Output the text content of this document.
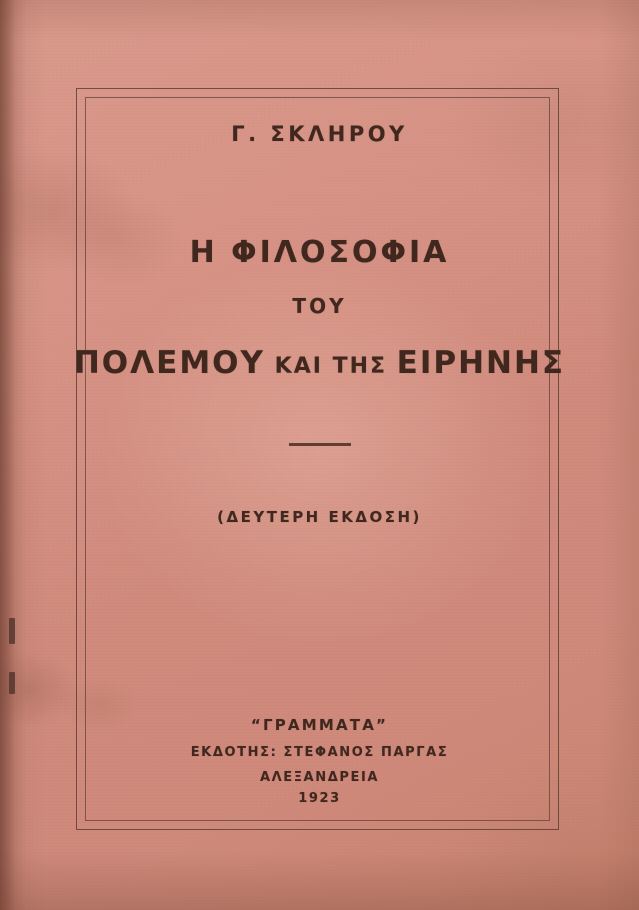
Γ. ΣΚΛΗΡΟΥ
Η ΦΙΛΟΣΟΦΙΑ
ΤΟΥ
ΠΟΛΕΜΟΥ ΚΑΙ ΤΗΣ ΕΙΡΗΝΗΣ
(ΔΕΥΤΕΡΗ ΕΚΔΟΣΗ)
“ΓΡΑΜΜΑΤΑ”
ΕΚΔΟΤΗΣ: ΣΤΕΦΑΝΟΣ ΠΑΡΓΑΣ
ΑΛΕΞΑΝΔΡΕΙΑ
1923
